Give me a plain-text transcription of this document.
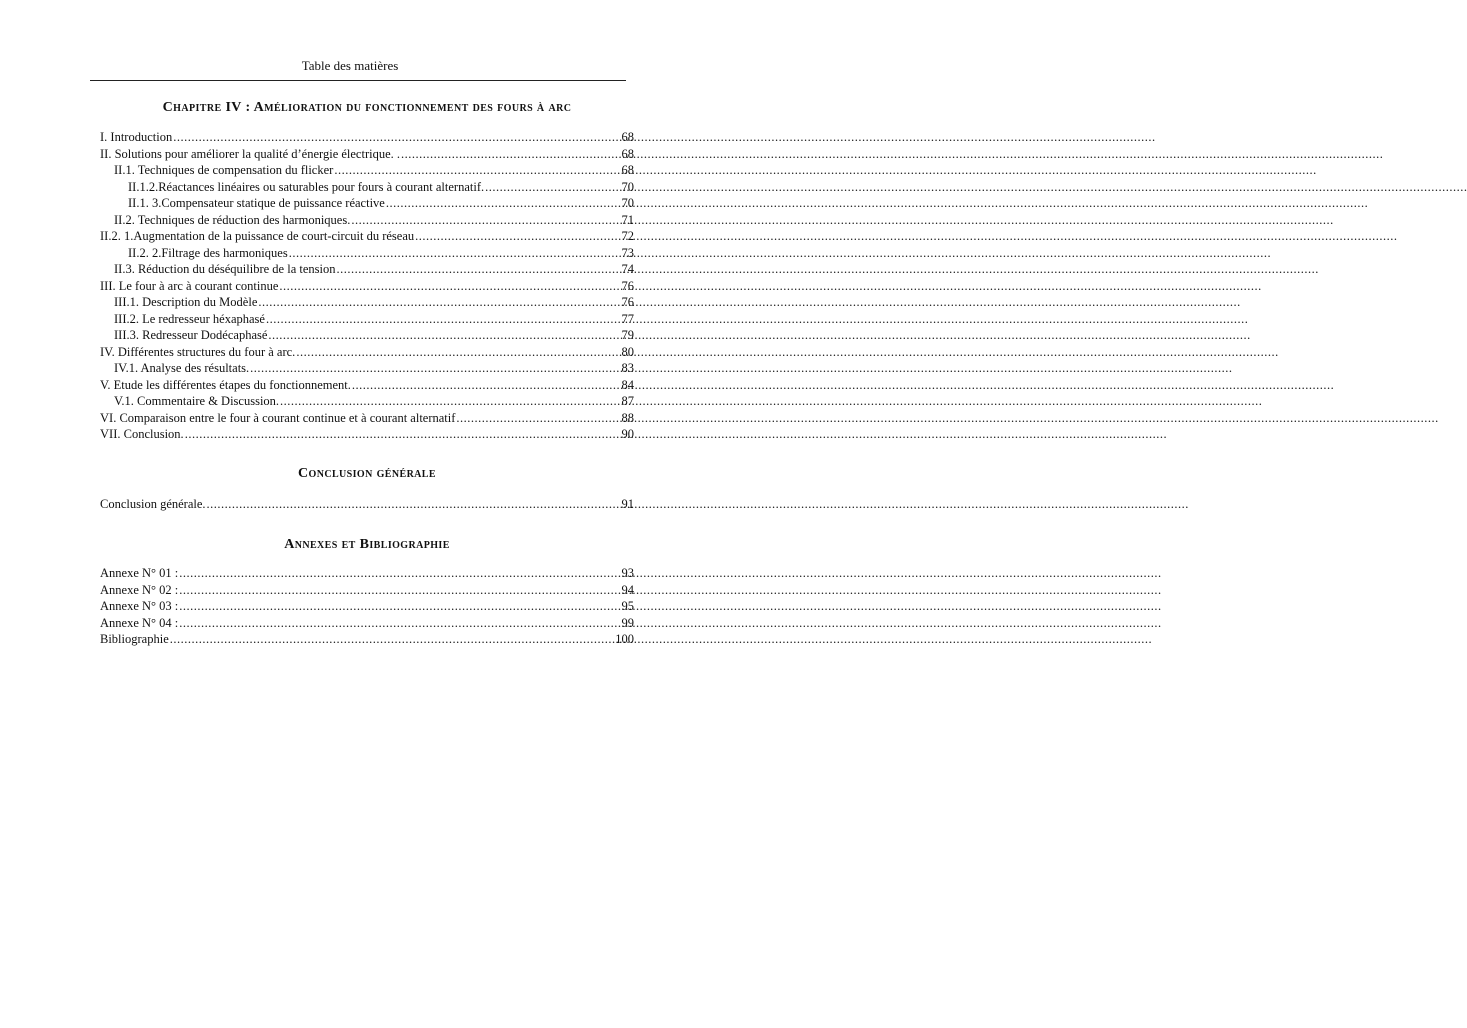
Table des matières
Chapitre IV : Amélioration du fonctionnement des fours à arc
I. Introduction .....	68
II. Solutions pour améliorer la qualité d’énergie électrique. . .....	68
II.1. Techniques de compensation du flicker .....	68
II.1.2.Réactances linéaires ou saturables pour fours à courant alternatif. .....	70
II.1. 3.Compensateur statique de puissance réactive .....	70
II.2. Techniques de réduction des harmoniques. .....	71
II.2. 1.Augmentation de la puissance de court-circuit du réseau .....	72
II.2. 2.Filtrage des harmoniques .....	73
II.3. Réduction du déséquilibre de la tension .....	74
III. Le four à arc à courant continue .....	76
III.1. Description du Modèle .....	76
III.2. Le redresseur héxaphasé .....	77
III.3. Redresseur Dodécaphasé .....	79
IV. Différentes structures du four à arc. .....	80
IV.1. Analyse des résultats. .....	83
V. Etude les différentes étapes du fonctionnement. .....	84
V.1. Commentaire & Discussion. .....	87
VI. Comparaison entre le four à courant continue et à courant alternatif .....	88
VII. Conclusion. .....	90
Conclusion générale
Conclusion générale. .....	91
Annexes et Bibliographie
Annexe N° 01 : .....	93
Annexe N° 02 : .....	94
Annexe N° 03 : .....	95
Annexe N° 04 : .....	99
Bibliographie .....	100
